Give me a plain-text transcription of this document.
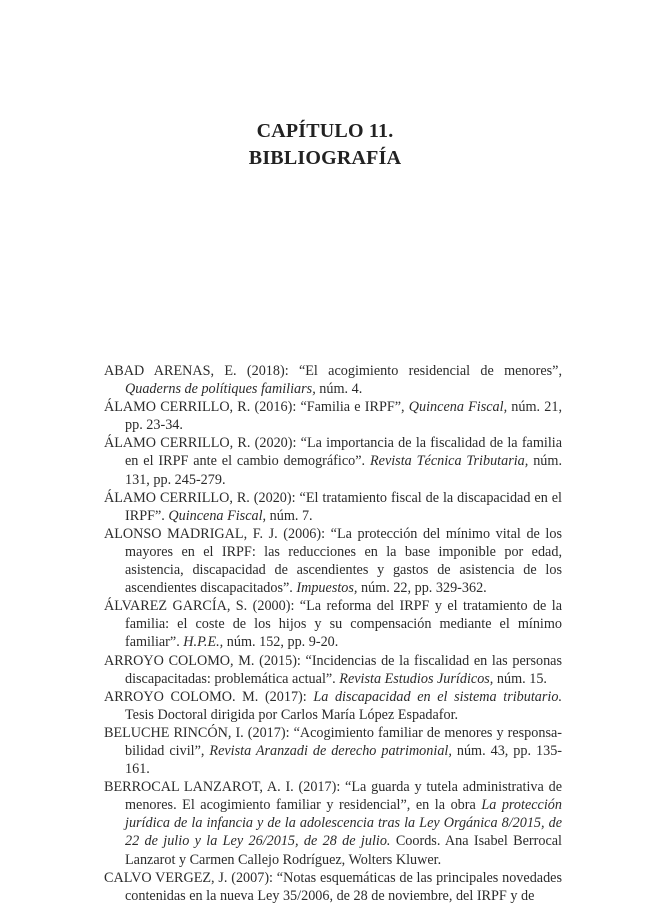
CAPÍTULO 11.
BIBLIOGRAFÍA
ABAD ARENAS, E. (2018): “El acogimiento residencial de menores”, Quaderns de polítiques familiars, núm. 4.
ÁLAMO CERRILLO, R. (2016): “Familia e IRPF”, Quincena Fiscal, núm. 21, pp. 23-34.
ÁLAMO CERRILLO, R. (2020): “La importancia de la fiscalidad de la familia en el IRPF ante el cambio demográfico”. Revista Técnica Tributaria, núm. 131, pp. 245-279.
ÁLAMO CERRILLO, R. (2020): “El tratamiento fiscal de la discapacidad en el IRPF”. Quincena Fiscal, núm. 7.
ALONSO MADRIGAL, F. J. (2006): “La protección del mínimo vital de los mayores en el IRPF: las reducciones en la base imponible por edad, asistencia, discapacidad de ascendientes y gastos de asistencia de los ascendientes discapacitados”. Impuestos, núm. 22, pp. 329-362.
ÁLVAREZ GARCÍA, S. (2000): “La reforma del IRPF y el tratamiento de la familia: el coste de los hijos y su compensación mediante el mínimo familiar”. H.P.E., núm. 152, pp. 9-20.
ARROYO COLOMO, M. (2015): “Incidencias de la fiscalidad en las personas discapacitadas: problemática actual”. Revista Estudios Jurídicos, núm. 15.
ARROYO COLOMO. M. (2017): La discapacidad en el sistema tributario. Tesis Doctoral dirigida por Carlos María López Espadafor.
BELUCHE RINCÓN, I. (2017): “Acogimiento familiar de menores y responsabilidad civil”, Revista Aranzadi de derecho patrimonial, núm. 43, pp. 135-161.
BERROCAL LANZAROT, A. I. (2017): “La guarda y tutela administrativa de menores. El acogimiento familiar y residencial”, en la obra La protección jurídica de la infancia y de la adolescencia tras la Ley Orgánica 8/2015, de 22 de julio y la Ley 26/2015, de 28 de julio. Coords. Ana Isabel Berrocal Lanzarot y Carmen Callejo Rodríguez, Wolters Kluwer.
CALVO VERGEZ, J. (2007): “Notas esquemáticas de las principales novedades contenidas en la nueva Ley 35/2006, de 28 de noviembre, del IRPF y de
